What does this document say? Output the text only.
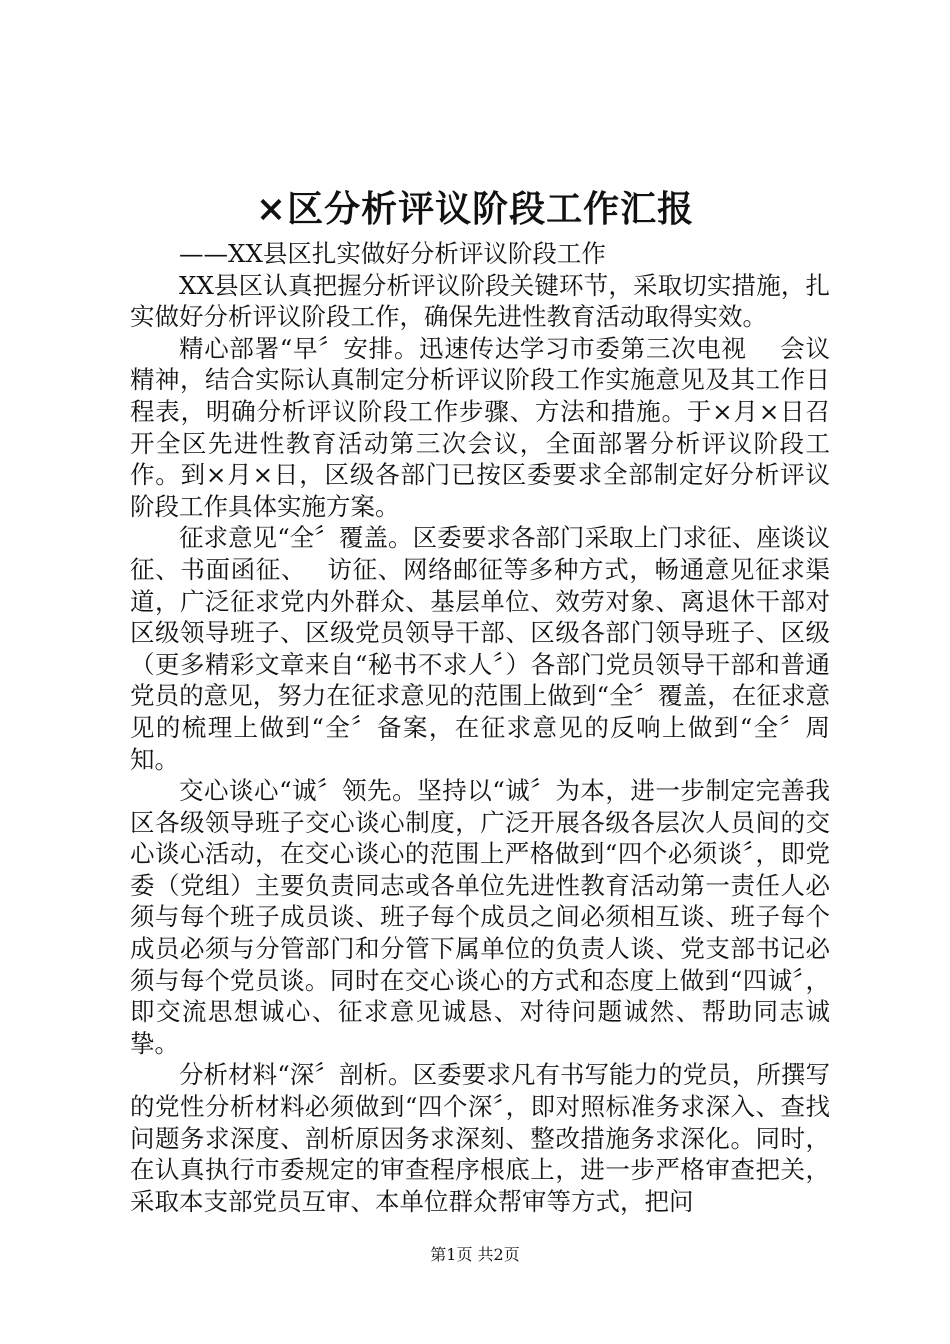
×区分析评议阶段工作汇报

——XX县区扎实做好分析评议阶段工作

XX县区认真把握分析评议阶段关键环节，采取切实措施，扎实做好分析评议阶段工作，确保先进性教育活动取得实效。

精心部署“早〞安排。迅速传达学习市委第三次电视　 会议精神，结合实际认真制定分析评议阶段工作实施意见及其工作日程表，明确分析评议阶段工作步骤、方法和措施。于×月×日召开全区先进性教育活动第三次会议，全面部署分析评议阶段工作。到×月×日，区级各部门已按区委要求全部制定好分析评议阶段工作具体实施方案。

征求意见“全〞覆盖。区委要求各部门采取上门求征、座谈议征、书面函征、　 访征、网络邮征等多种方式，畅通意见征求渠道，广泛征求党内外群众、基层单位、效劳对象、离退休干部对区级领导班子、区级党员领导干部、区级各部门领导班子、区级（更多精彩文章来自“秘书不求人〞）各部门党员领导干部和普通党员的意见，努力在征求意见的范围上做到“全〞覆盖，在征求意见的梳理上做到“全〞备案，在征求意见的反响上做到“全〞周知。

交心谈心“诚〞领先。坚持以“诚〞为本，进一步制定完善我区各级领导班子交心谈心制度，广泛开展各级各层次人员间的交心谈心活动，在交心谈心的范围上严格做到“四个必须谈〞，即党委（党组）主要负责同志或各单位先进性教育活动第一责任人必须与每个班子成员谈、班子每个成员之间必须相互谈、班子每个成员必须与分管部门和分管下属单位的负责人谈、党支部书记必须与每个党员谈。同时在交心谈心的方式和态度上做到“四诚〞，即交流思想诚心、征求意见诚恳、对待问题诚然、帮助同志诚挚。

分析材料“深〞剖析。区委要求凡有书写能力的党员，所撰写的党性分析材料必须做到“四个深〞，即对照标准务求深入、查找问题务求深度、剖析原因务求深刻、整改措施务求深化。同时，在认真执行市委规定的审查程序根底上，进一步严格审查把关，采取本支部党员互审、本单位群众帮审等方式，把问

第1页 共2页
